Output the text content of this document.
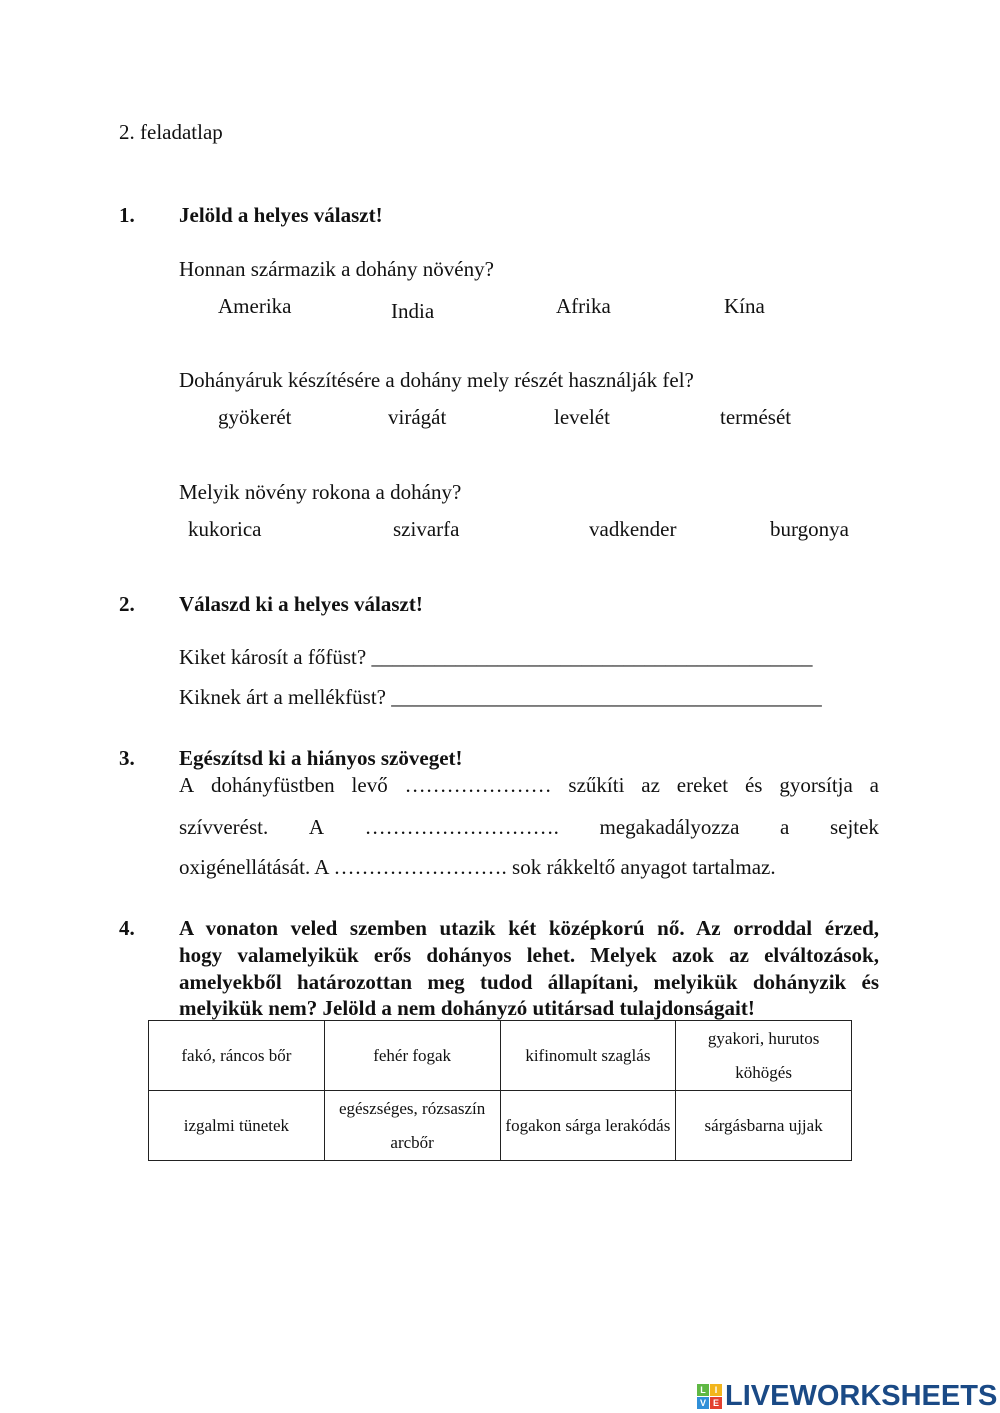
2. feladatlap
1. Jelöld a helyes választ!
Honnan származik a dohány növény?
Amerika	India	Afrika	Kína
Dohányáruk készítésére a dohány mely részét használják fel?
gyökerét	virágát	levelét	termését
Melyik növény rokona a dohány?
kukorica	szivarfa	vadkender	burgonya
2. Válaszd ki a helyes választ!
Kiket károsít a főfüst? __________________________________________
Kiknek árt a mellékfüst? _________________________________________
3. Egészítsd ki a hiányos szöveget!
A dohányfüstben levő ………………… szűkíti az ereket és gyorsítja a
szívverést. A ………………………. megakadályozza a sejtek
oxigénellátását. A ……………………. sok rákkeltő anyagot tartalmaz.
4. A vonaton veled szemben utazik két középkorú nő. Az orroddal érzed,
hogy valamelyikük erős dohányos lehet. Melyek azok az elváltozások,
amelyekből határozottan meg tudod állapítani, melyikük dohányzik és
melyikük nem? Jelöld a nem dohányzó utitársad tulajdonságait!
fakó, ráncos bőr	fehér fogak	kifinomult szaglás	gyakori, hurutos köhögés
izgalmi tünetek	egészséges, rózsaszín arcbőr	fogakon sárga lerakódás	sárgásbarna ujjak
L I
V E LIVEWORKSHEETS
